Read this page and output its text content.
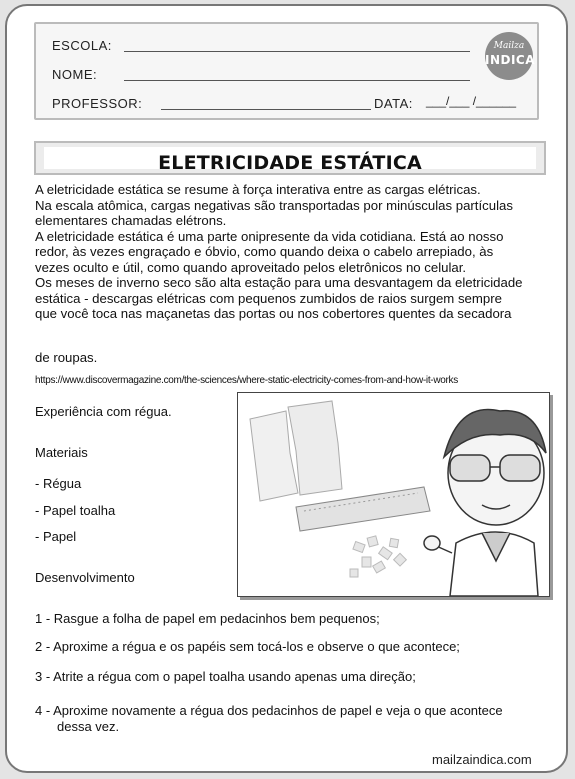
ESCOLA:
NOME:
PROFESSOR:	DATA: ___/___ /______
Mailza
INDICA
ELETRICIDADE ESTÁTICA

A eletricidade estática se resume à força interativa entre as cargas elétricas.

Na escala atômica, cargas negativas são transportadas por minúsculas partículas

elementares chamadas elétrons.

A eletricidade estática é uma parte onipresente da vida cotidiana. Está ao nosso

redor, às vezes engraçado e óbvio, como quando deixa o cabelo arrepiado, às

vezes oculto e útil, como quando aproveitado pelos eletrônicos no celular.

Os meses de inverno seco são alta estação para uma desvantagem da eletricidade

estática - descargas elétricas com pequenos zumbidos de raios surgem sempre

que você toca nas maçanetas das portas ou nos cobertores quentes da secadora

de roupas.

https://www.discovermagazine.com/the-sciences/where-static-electricity-comes-from-and-how-it-works
Experiência com régua.
Materiais
- Régua
- Papel toalha
- Papel
Desenvolvimento
1 - Rasgue a folha de papel em pedacinhos bem pequenos;
2 - Aproxime a régua e os papéis sem tocá-los e observe o que acontece;
3 - Atrite a régua com o papel toalha usando apenas uma direção;
4 - Aproxime novamente a régua dos pedacinhos de papel e veja o que acontece
dessa vez.
mailzaindica.com
